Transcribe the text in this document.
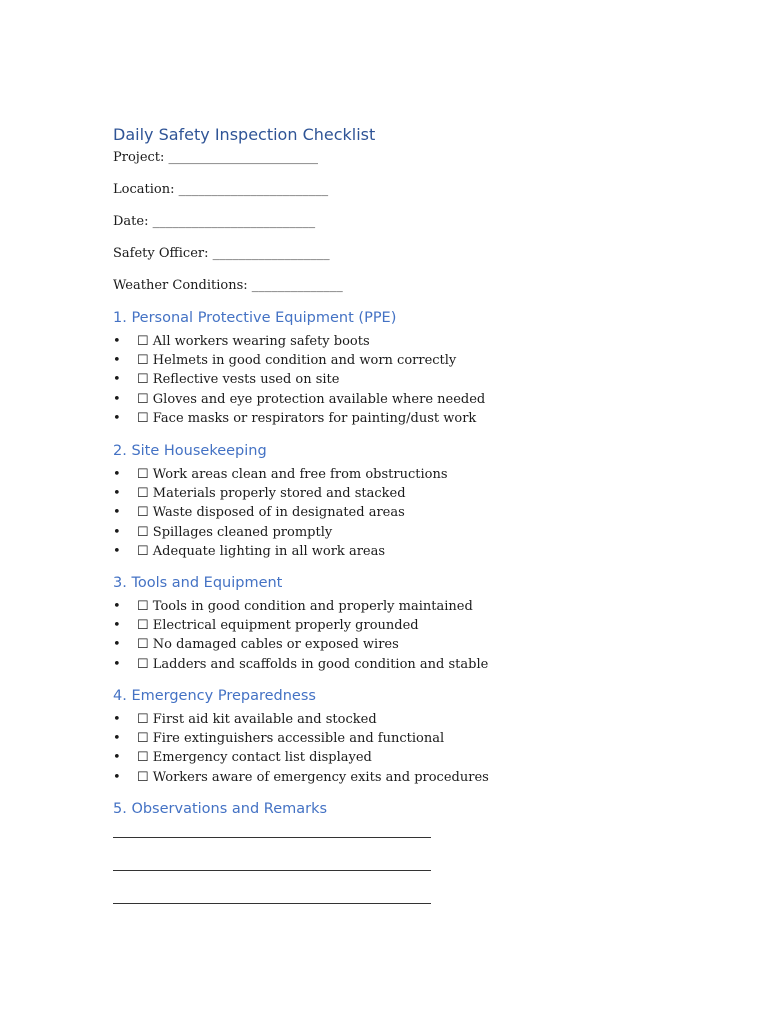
Daily Safety Inspection Checklist
Project: _______________________
Location: _______________________
Date: _________________________
Safety Officer: __________________
Weather Conditions: ______________
1. Personal Protective Equipment (PPE)
• ☐ All workers wearing safety boots
• ☐ Helmets in good condition and worn correctly
• ☐ Reflective vests used on site
• ☐ Gloves and eye protection available where needed
• ☐ Face masks or respirators for painting/dust work
2. Site Housekeeping
• ☐ Work areas clean and free from obstructions
• ☐ Materials properly stored and stacked
• ☐ Waste disposed of in designated areas
• ☐ Spillages cleaned promptly
• ☐ Adequate lighting in all work areas
3. Tools and Equipment
• ☐ Tools in good condition and properly maintained
• ☐ Electrical equipment properly grounded
• ☐ No damaged cables or exposed wires
• ☐ Ladders and scaffolds in good condition and stable
4. Emergency Preparedness
• ☐ First aid kit available and stocked
• ☐ Fire extinguishers accessible and functional
• ☐ Emergency contact list displayed
• ☐ Workers aware of emergency exits and procedures
5. Observations and Remarks
